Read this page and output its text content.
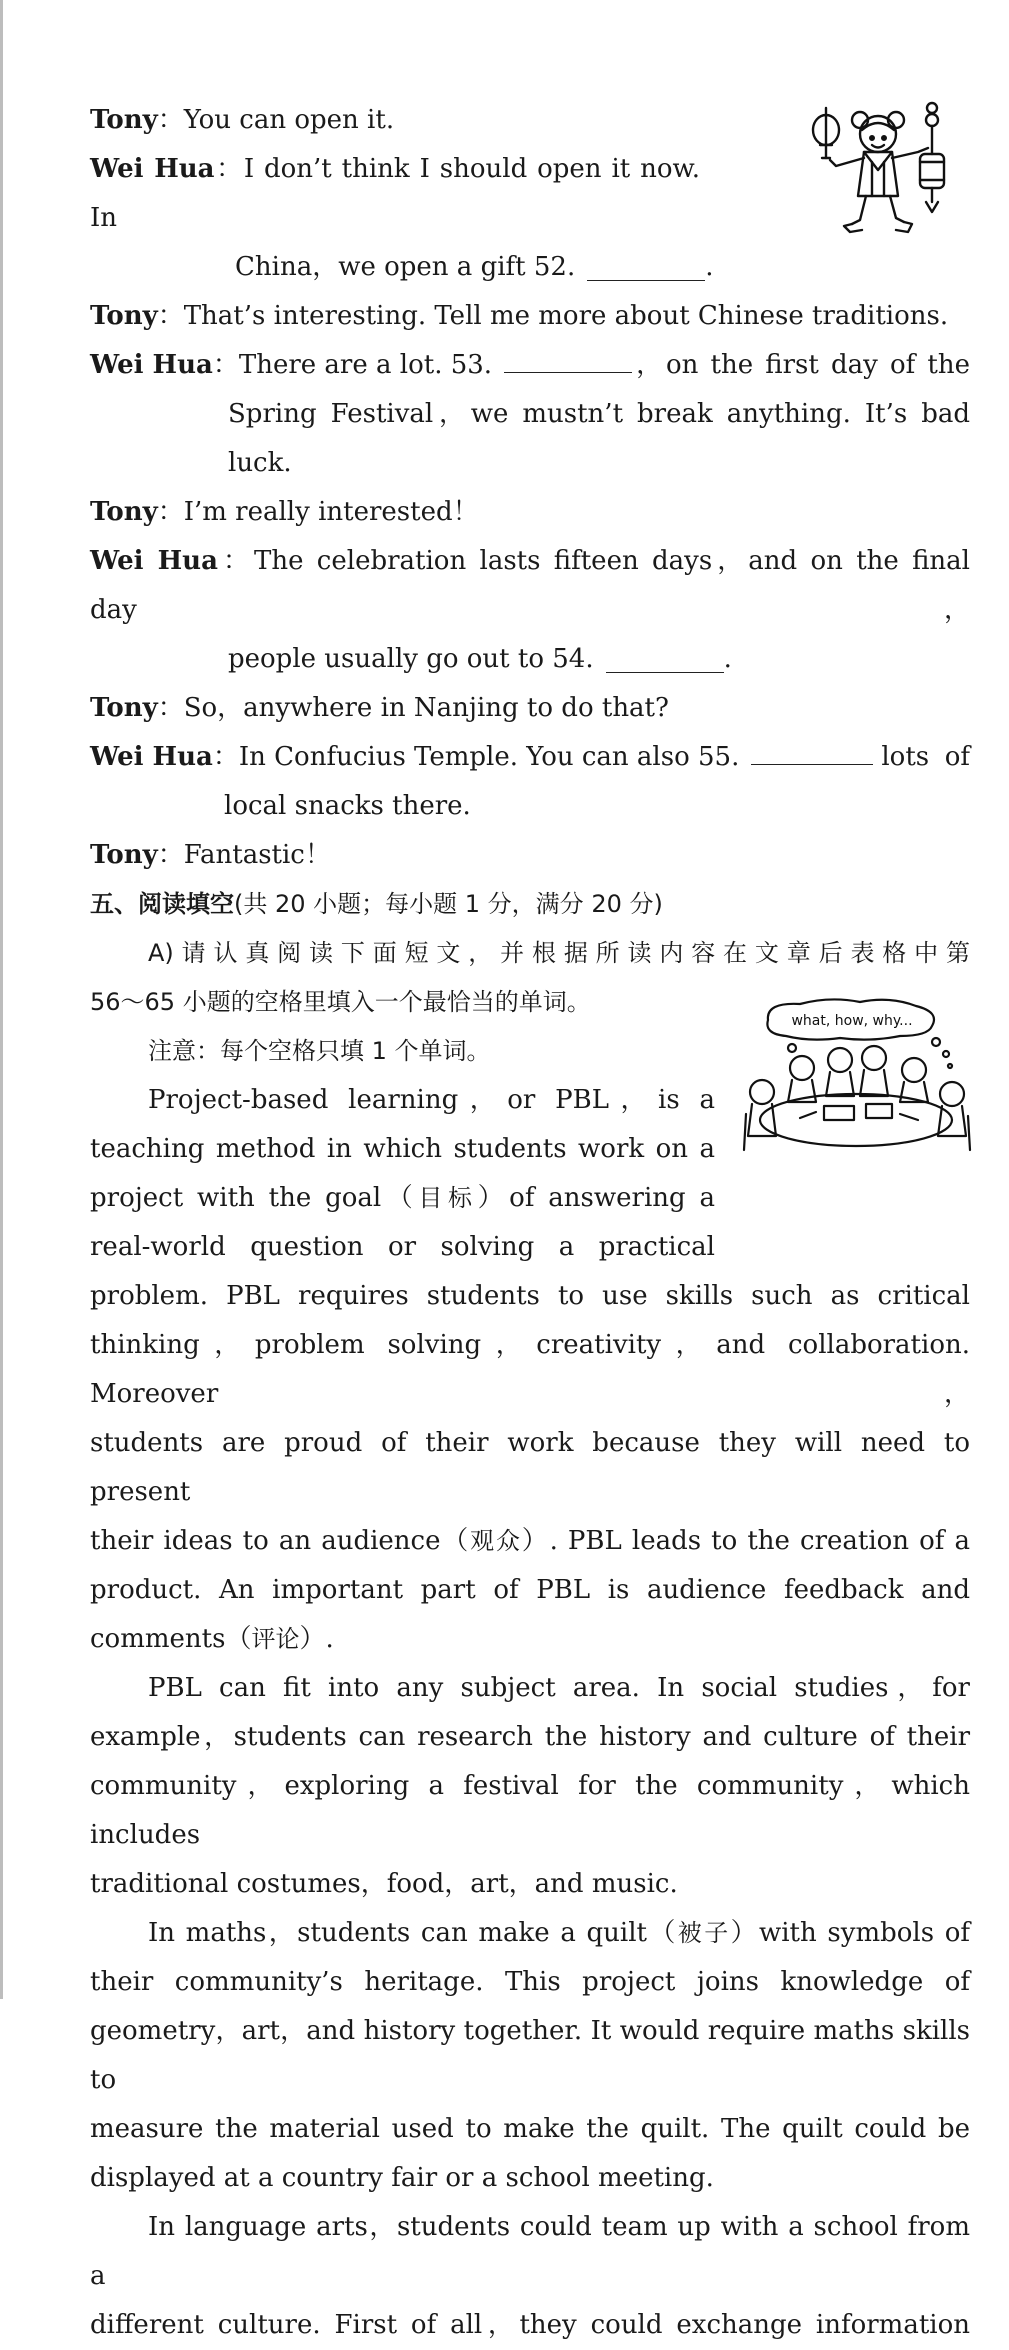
Tony：You can open it.
Wei Hua：I don’t think I should open it now. In
China，we open a gift 52.	.
Tony：That’s interesting. Tell me more about Chinese traditions.
Wei Hua ：There are a lot. 53.	，on the first day of the
Spring Festival，we mustn’t break anything. It’s bad
luck.
Tony：I’m really interested！
Wei Hua：The celebration lasts fifteen days，and on the final day，
people usually go out to 54.	.
Tony：So，anywhere in Nanjing to do that?
Wei Hua ：In Confucius Temple. You can also 55.	lots of
local snacks there.
Tony：Fantastic！
五、阅读填空(共 20 小题；每小题 1 分，满分 20 分)
A)请认真阅读下面短文，并根据所读内容在文章后表格中第
56～65 小题的空格里填入一个最恰当的单词。
注意：每个空格只填 1 个单词。
Project-based learning，or PBL，is a
teaching method in which students work on a
project with the goal（目标）of answering a
real-world question or solving a practical
problem. PBL requires students to use skills such as critical
thinking，problem solving，creativity，and collaboration. Moreover，
students are proud of their work because they will need to present
their ideas to an audience（观众）. PBL leads to the creation of a
product. An important part of PBL is audience feedback and
comments（评论）.
PBL can fit into any subject area. In social studies，for
example，students can research the history and culture of their
community，exploring a festival for the community，which includes
traditional costumes，food，art，and music.
In maths，students can make a quilt（被子）with symbols of
their community’s heritage. This project joins knowledge of
geometry，art，and history together. It would require maths skills to
measure the material used to make the quilt. The quilt could be
displayed at a country fair or a school meeting.
In language arts，students could team up with a school from a
different culture. First of all，they could exchange information
what, how, why...
